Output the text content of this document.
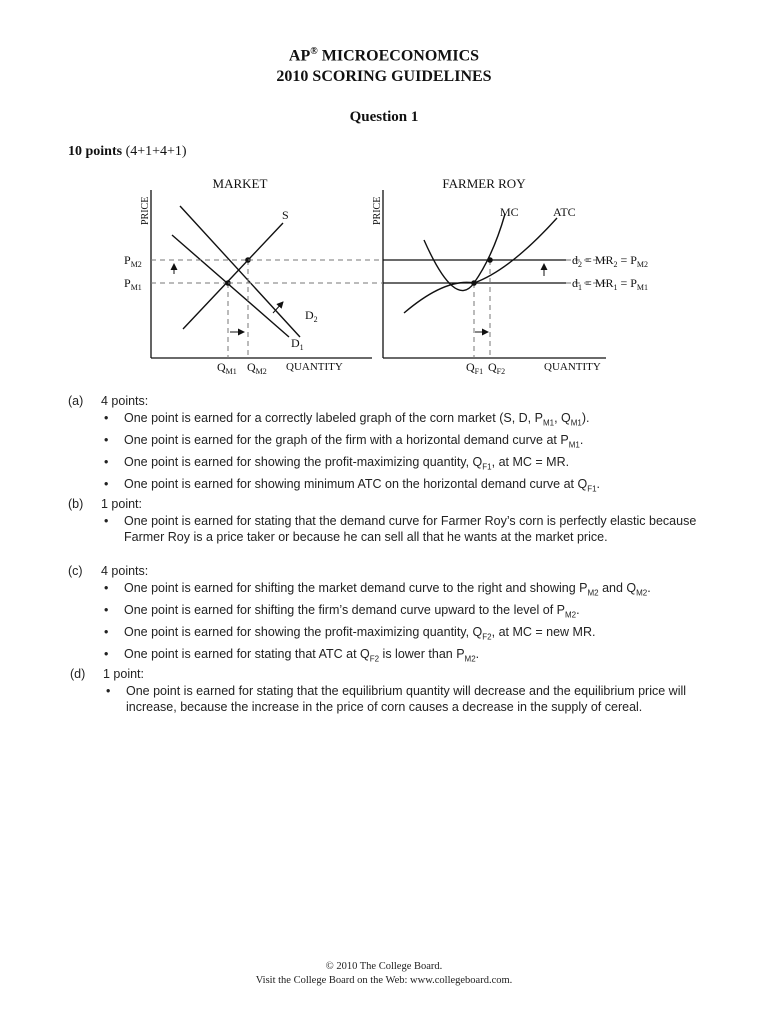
AP® MICROECONOMICS
2010 SCORING GUIDELINES
Question 1
10 points (4+1+4+1)
MARKET
PRICE	S
$D_2$
$D_1$
$P_{M2}$
$P_{M1}$
$Q_{M1}$ $Q_{M2}$ QUANTITY
FARMER ROY
PRICE	MC	ATC
$d_2 = MR_2 = P_{M2}$
$d_1 = MR_1 = P_{M1}$
$Q_{F1}$ $Q_{F2}$	QUANTITY
(a) 4 points:
• One point is earned for a correctly labeled graph of the corn market (S, D, $P_{M1}$, $Q_{M1}$).
• One point is earned for the graph of the firm with a horizontal demand curve at $P_{M1}$.
• One point is earned for showing the profit-maximizing quantity, $Q_{F1}$, at MC = MR.
• One point is earned for showing minimum ATC on the horizontal demand curve at $Q_{F1}$.
(b) 1 point:
• One point is earned for stating that the demand curve for Farmer Roy’s corn is perfectly elastic because Farmer Roy is a price taker or because he can sell all that he wants at the market price.
(c) 4 points:
• One point is earned for shifting the market demand curve to the right and showing $P_{M2}$ and $Q_{M2}$.
• One point is earned for shifting the firm’s demand curve upward to the level of $P_{M2}$.
• One point is earned for showing the profit-maximizing quantity, $Q_{F2}$, at MC = new MR.
• One point is earned for stating that ATC at $Q_{F2}$ is lower than $P_{M2}$.
(d) 1 point:
• One point is earned for stating that the equilibrium quantity will decrease and the equilibrium price will increase, because the increase in the price of corn causes a decrease in the supply of cereal.
© 2010 The College Board.
Visit the College Board on the Web: www.collegeboard.com.
